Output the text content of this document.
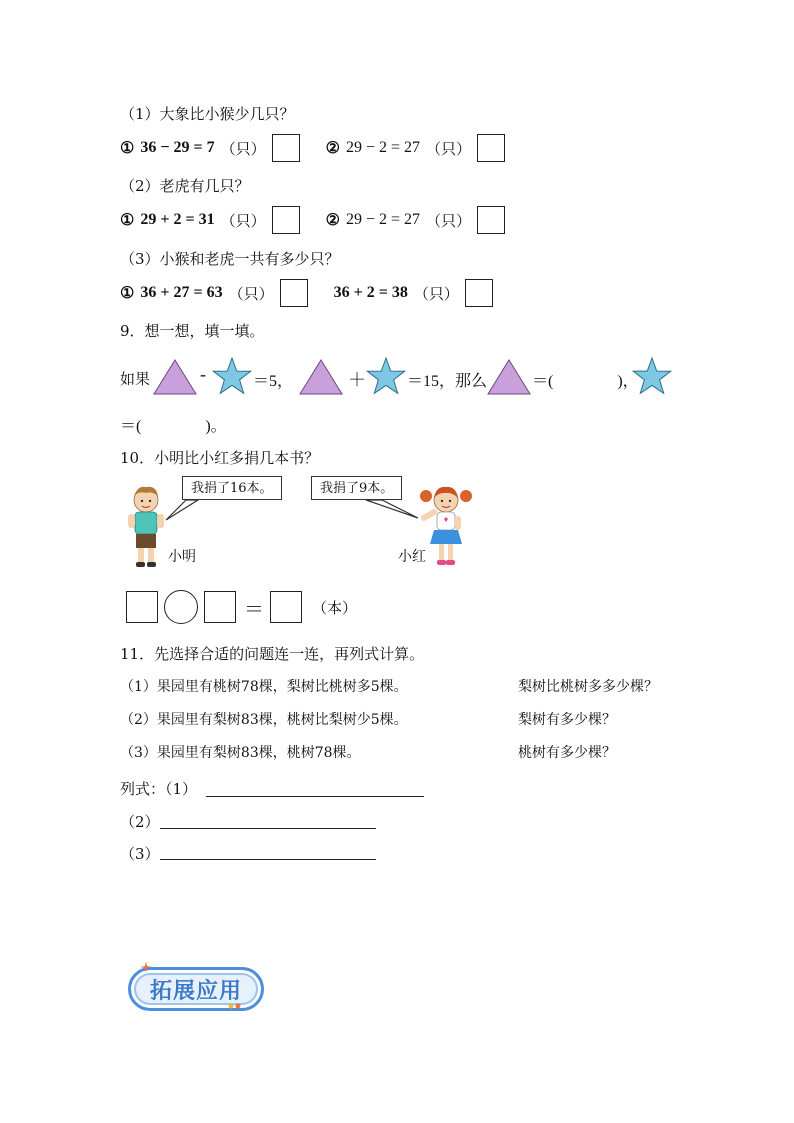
（1）大象比小猴少几只？
① 36 − 29 = 7 （只）	② 29 − 2 = 27 （只）
（2）老虎有几只？
① 29 + 2 = 31 （只）	② 29 − 2 = 27 （只）
（3）小猴和老虎一共有多少只？
① 36 + 27 = 63 （只）	36 + 2 = 38 （只）
9．想一想，填一填。
如果	-	＝5，	＋	＝15，那么	＝(　　　　)，
＝(　　　　)。
10．小明比小红多捐几本书？
小明
我捐了16本。	我捐了9本。
小红
＝	（本）
11．先选择合适的问题连一连，再列式计算。
（1）果园里有桃树78棵，梨树比桃树多5棵。
（2）果园里有梨树83棵，桃树比梨树少5棵。
（3）果园里有梨树83棵，桃树78棵。
梨树比桃树多多少棵？
梨树有多少棵？
桃树有多少棵？
列式：（1）
（2）
（3）
拓展应用
